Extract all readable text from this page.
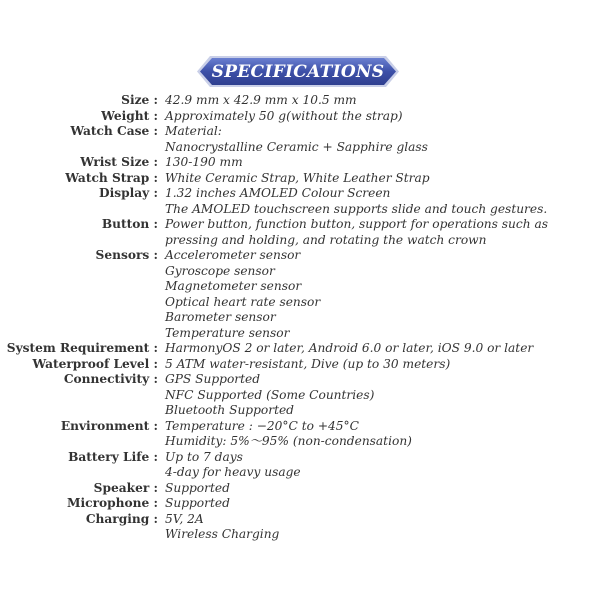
SPECIFICATIONS
Size : 42.9 mm x 42.9 mm x 10.5 mm
Weight : Approximately 50 g(without the strap)
Watch Case : Material:
Nanocrystalline Ceramic + Sapphire glass
Wrist Size : 130-190 mm
Watch Strap : White Ceramic Strap, White Leather Strap
Display : 1.32 inches AMOLED Colour Screen
The AMOLED touchscreen supports slide and touch gestures.
Button : Power button, function button, support for operations such as pressing and holding, and rotating the watch crown
Sensors : Accelerometer sensor
Gyroscope sensor
Magnetometer sensor
Optical heart rate sensor
Barometer sensor
Temperature sensor
System Requirement : HarmonyOS 2 or later, Android 6.0 or later, iOS 9.0 or later
Waterproof Level : 5 ATM water-resistant, Dive (up to 30 meters)
Connectivity : GPS Supported
NFC Supported (Some Countries)
Bluetooth Supported
Environment : Temperature : −20°C to +45°C
Humidity: 5%～95% (non-condensation)
Battery Life : Up to 7 days
4-day for heavy usage
Speaker : Supported
Microphone : Supported
Charging : 5V, 2A
Wireless Charging
